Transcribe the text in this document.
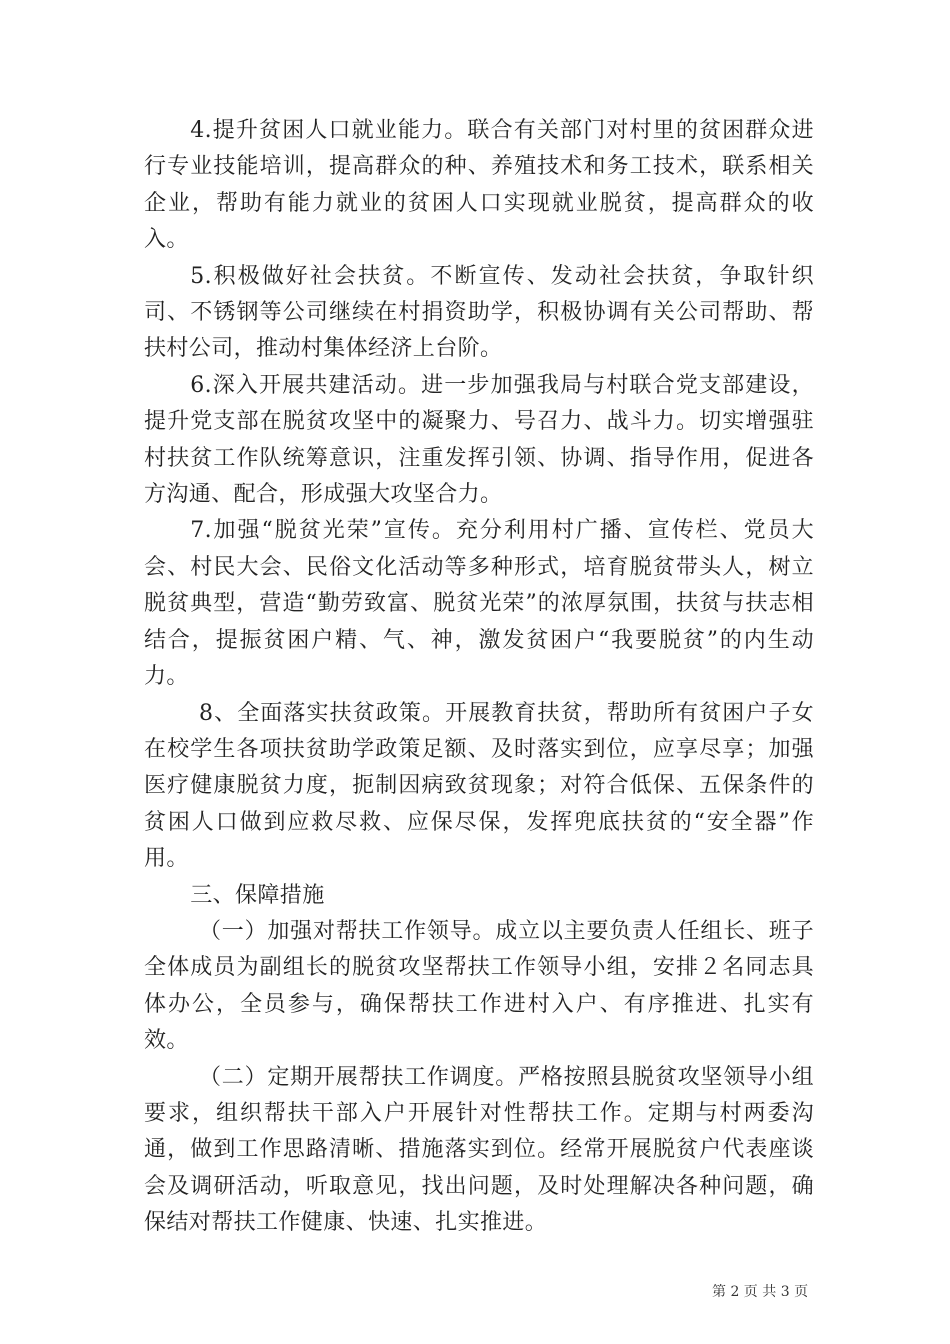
4.提升贫困人口就业能力。联合有关部门对村里的贫困群众进行专业技能培训，提高群众的种、养殖技术和务工技术，联系相关企业，帮助有能力就业的贫困人口实现就业脱贫，提高群众的收入。

5.积极做好社会扶贫。不断宣传、发动社会扶贫，争取针织司、不锈钢等公司继续在村捐资助学，积极协调有关公司帮助、帮扶村公司，推动村集体经济上台阶。

6.深入开展共建活动。进一步加强我局与村联合党支部建设，提升党支部在脱贫攻坚中的凝聚力、号召力、战斗力。切实增强驻村扶贫工作队统筹意识，注重发挥引领、协调、指导作用，促进各方沟通、配合，形成强大攻坚合力。

7.加强“脱贫光荣”宣传。充分利用村广播、宣传栏、党员大会、村民大会、民俗文化活动等多种形式，培育脱贫带头人，树立脱贫典型，营造“勤劳致富、脱贫光荣”的浓厚氛围，扶贫与扶志相结合，提振贫困户精、气、神，激发贫困户“我要脱贫”的内生动力。

8、全面落实扶贫政策。开展教育扶贫，帮助所有贫困户子女在校学生各项扶贫助学政策足额、及时落实到位，应享尽享；加强医疗健康脱贫力度，扼制因病致贫现象；对符合低保、五保条件的贫困人口做到应救尽救、应保尽保，发挥兜底扶贫的“安全器”作用。

三、保障措施

（一）加强对帮扶工作领导。成立以主要负责人任组长、班子全体成员为副组长的脱贫攻坚帮扶工作领导小组，安排２名同志具体办公，全员参与，确保帮扶工作进村入户、有序推进、扎实有效。

（二）定期开展帮扶工作调度。严格按照县脱贫攻坚领导小组要求，组织帮扶干部入户开展针对性帮扶工作。定期与村两委沟通，做到工作思路清晰、措施落实到位。经常开展脱贫户代表座谈会及调研活动，听取意见，找出问题，及时处理解决各种问题，确保结对帮扶工作健康、快速、扎实推进。

第 2 页 共 3 页
